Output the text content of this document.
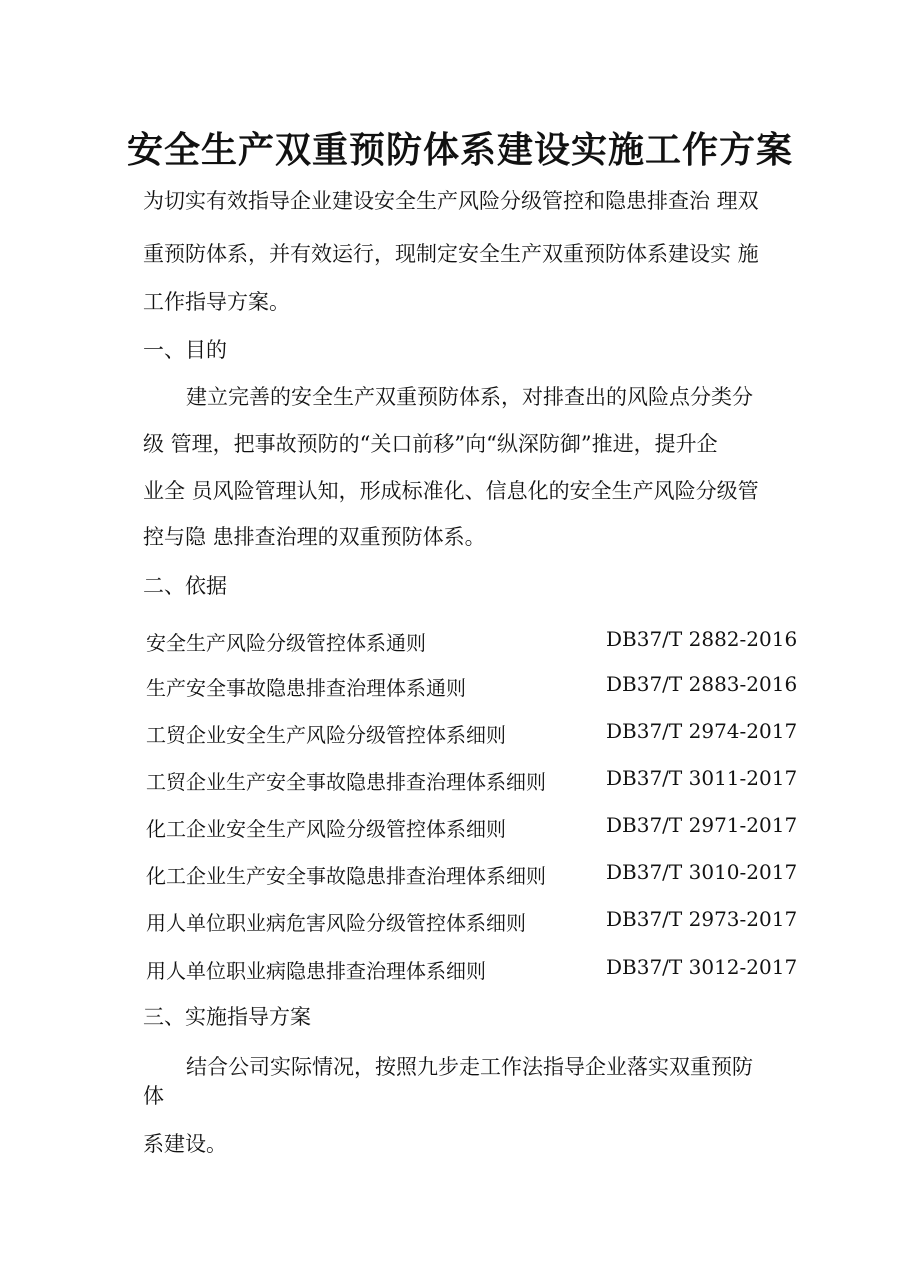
安全生产双重预防体系建设实施工作方案
为切实有效指导企业建设安全生产风险分级管控和隐患排查治 理双
重预防体系，并有效运行，现制定安全生产双重预防体系建设实 施
工作指导方案。
一、目的
建立完善的安全生产双重预防体系，对排查出的风险点分类分
级 管理，把事故预防的“关口前移”向“纵深防御”推进，提升企
业全 员风险管理认知，形成标准化、信息化的安全生产风险分级管
控与隐 患排查治理的双重预防体系。
二、依据
安全生产风险分级管控体系通则	DB37/T 2882-2016
生产安全事故隐患排查治理体系通则	DB37/T 2883-2016
工贸企业安全生产风险分级管控体系细则	DB37/T 2974-2017
工贸企业生产安全事故隐患排查治理体系细则	DB37/T 3011-2017
化工企业安全生产风险分级管控体系细则	DB37/T 2971-2017
化工企业生产安全事故隐患排查治理体系细则	DB37/T 3010-2017
用人单位职业病危害风险分级管控体系细则	DB37/T 2973-2017
用人单位职业病隐患排查治理体系细则	DB37/T 3012-2017
三、实施指导方案
结合公司实际情况，按照九步走工作法指导企业落实双重预防
体
系建设。
